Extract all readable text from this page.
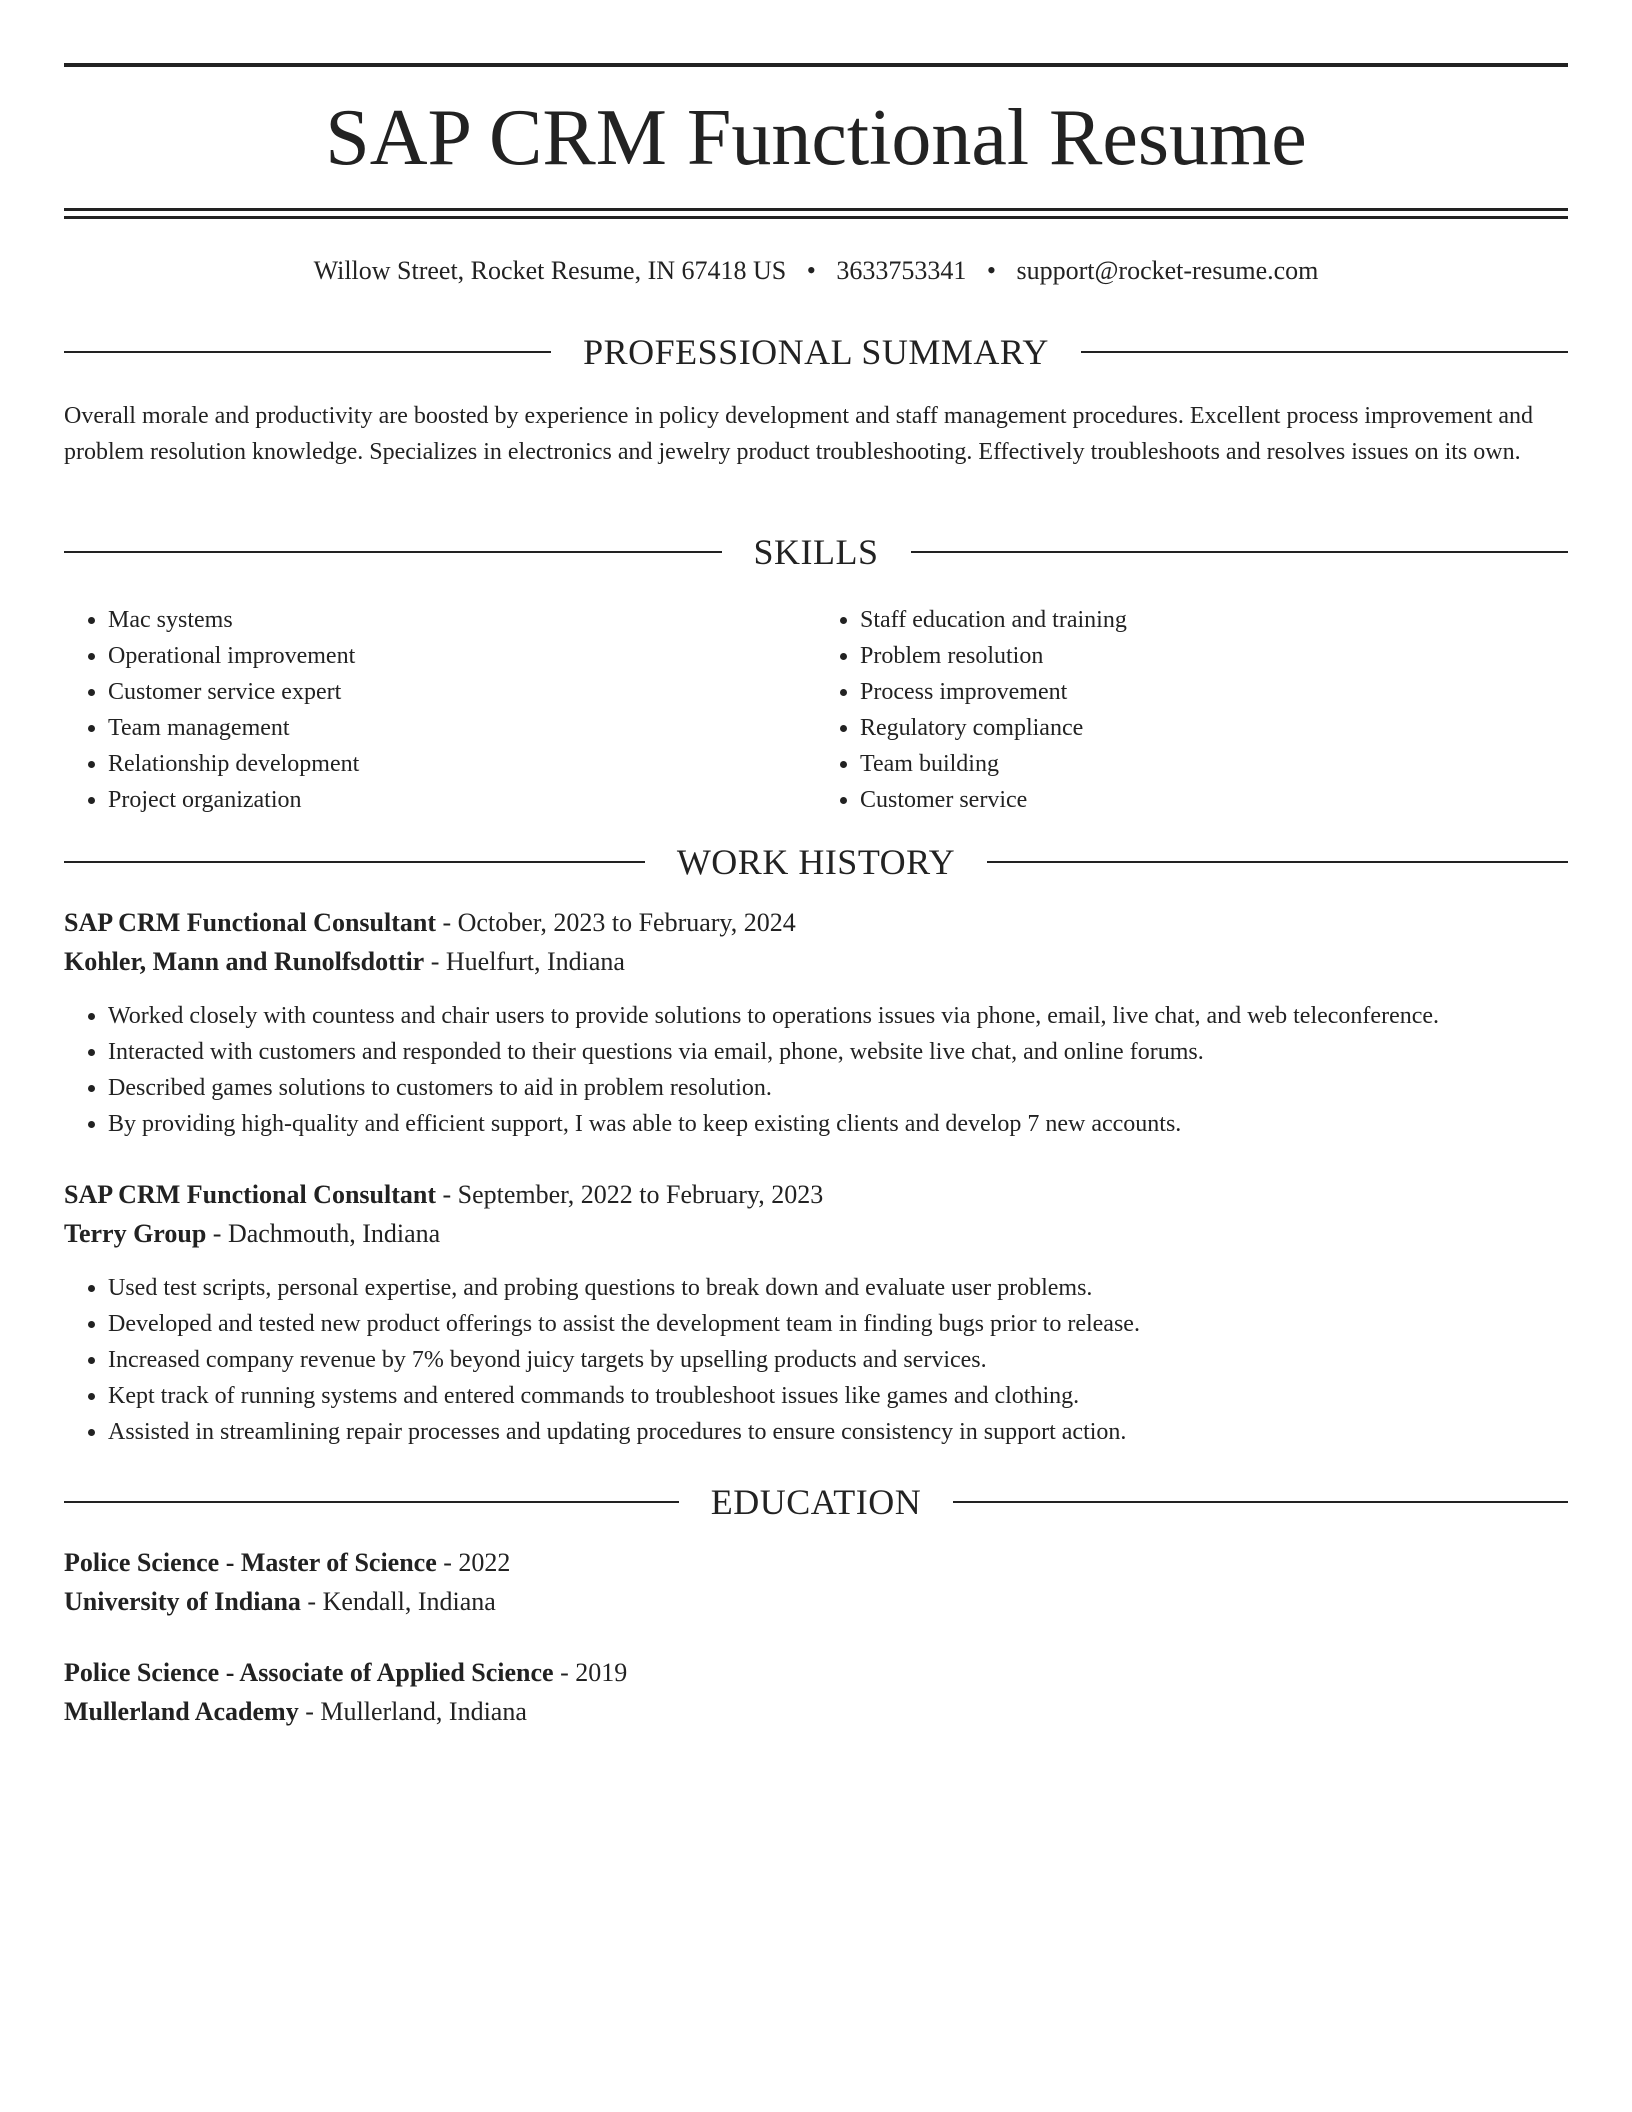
SAP CRM Functional Resume
Willow Street, Rocket Resume, IN 67418 US • 3633753341 • support@rocket-resume.com
PROFESSIONAL SUMMARY

Overall morale and productivity are boosted by experience in policy development and staff management procedures. Excellent process improvement and problem resolution knowledge. Specializes in electronics and jewelry product troubleshooting. Effectively troubleshoots and resolves issues on its own.

SKILLS
• Mac systems
• Operational improvement
• Customer service expert
• Team management
• Relationship development
• Project organization
• Staff education and training
• Problem resolution
• Process improvement
• Regulatory compliance
• Team building
• Customer service
WORK HISTORY
SAP CRM Functional Consultant - October, 2023 to February, 2024
Kohler, Mann and Runolfsdottir - Huelfurt, Indiana
• Worked closely with countess and chair users to provide solutions to operations issues via phone, email, live chat, and web teleconference.
• Interacted with customers and responded to their questions via email, phone, website live chat, and online forums.
• Described games solutions to customers to aid in problem resolution.
• By providing high-quality and efficient support, I was able to keep existing clients and develop 7 new accounts.
SAP CRM Functional Consultant - September, 2022 to February, 2023
Terry Group - Dachmouth, Indiana
• Used test scripts, personal expertise, and probing questions to break down and evaluate user problems.
• Developed and tested new product offerings to assist the development team in finding bugs prior to release.
• Increased company revenue by 7% beyond juicy targets by upselling products and services.
• Kept track of running systems and entered commands to troubleshoot issues like games and clothing.
• Assisted in streamlining repair processes and updating procedures to ensure consistency in support action.
EDUCATION
Police Science - Master of Science - 2022
University of Indiana - Kendall, Indiana
Police Science - Associate of Applied Science - 2019
Mullerland Academy - Mullerland, Indiana
